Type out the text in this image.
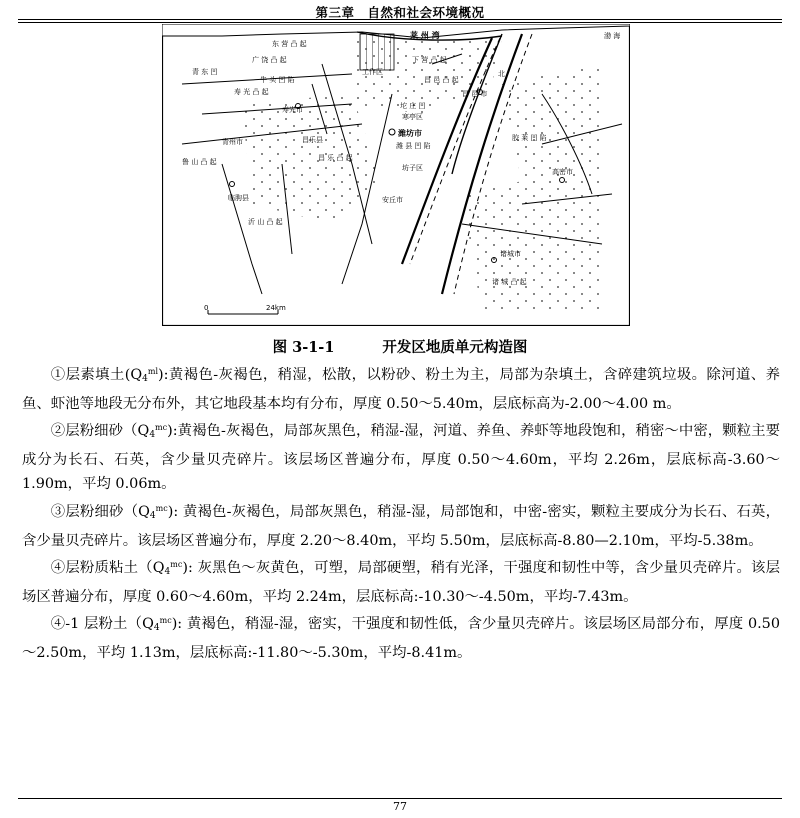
第三章　自然和社会环境概况
东 营 凸 起
莱 州 湾	渤 海
青 东 凹
广 饶 凸 起
工作区
下 营 凸 起
牛 头 凹 陷	昌 邑 凸 起
昌 邑 市
寿 光 凸 起
寿光市	坨 庄 凹
寒亭区
潍坊市
潍 县 凹 陷
坊子区
青州市	昌乐县
昌 乐 凸 起
临朐县	安丘市
鲁 山 凸 起
沂 山 凸 起
高密市
胶 莱 凹 陷
诸城市
诸 城 凸 起
北
0	24km
图 3-1-1	开发区地质单元构造图

①层素填土$(Q_4^{ml})$:黄褐色-灰褐色，稍湿，松散，以粉砂、粉土为主，局部为杂填土，含碎建筑垃圾。除河道、养鱼、虾池等地段无分布外，其它地段基本均有分布，厚度 0.50～5.40m，层底标高为-2.00～4.00 m。

②层粉细砂$(Q_4^{mc})$:黄褐色-灰褐色，局部灰黑色，稍湿-湿，河道、养鱼、养虾等地段饱和，稍密～中密，颗粒主要成分为长石、石英，含少量贝壳碎片。该层场区普遍分布，厚度 0.50～4.60m，平均 2.26m，层底标高-3.60～1.90m，平均 0.06m。

③层粉细砂$(Q_4^{mc})$: 黄褐色-灰褐色，局部灰黑色，稍湿-湿，局部饱和，中密-密实，颗粒主要成分为长石、石英，含少量贝壳碎片。该层场区普遍分布，厚度 2.20～8.40m，平均 5.50m，层底标高-8.80—2.10m，平均-5.38m。

④层粉质粘土$(Q_4^{mc})$: 灰黑色～灰黄色，可塑，局部硬塑，稍有光泽，干强度和韧性中等，含少量贝壳碎片。该层场区普遍分布，厚度 0.60～4.60m，平均 2.24m，层底标高:-10.30～-4.50m，平均-7.43m。

④-1 层粉土$(Q_4^{mc})$: 黄褐色，稍湿-湿，密实，干强度和韧性低，含少量贝壳碎片。该层场区局部分布，厚度 0.50～2.50m，平均 1.13m，层底标高:-11.80～-5.30m，平均-8.41m。

77
